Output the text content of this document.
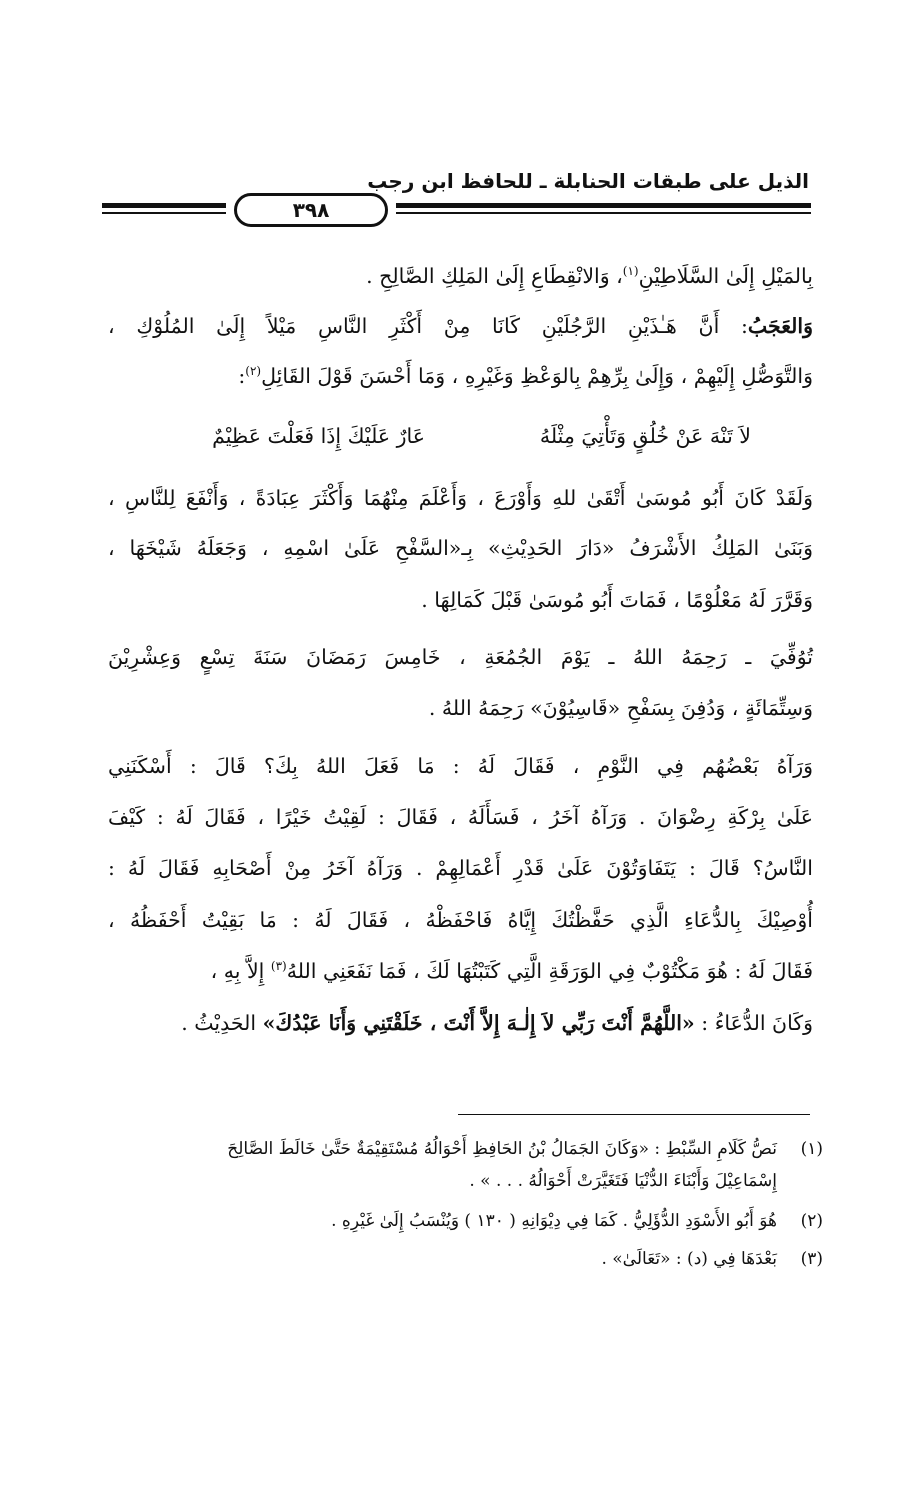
الذيل على طبقات الحنابلة ـ للحافظ ابن رجب
٣٩٨
بِالمَيْلِ إِلَىٰ السَّلَاطِيْنِ$^{(١)}$، وَالانْقِطَاعِ إِلَىٰ المَلِكِ الصَّالِحِ .
وَالعَجَبُ: أَنَّ هَـٰذَيْنِ الرَّجُلَيْنِ كَانَا مِنْ أَكْثَرِ النَّاسِ مَيْلاً إِلَىٰ المُلُوْكِ ،
وَالتَّوَصُّلِ إِلَيْهِمْ ، وَإِلَىٰ بِرِّهِمْ بِالوَعْظِ وَغَيْرِهِ ، وَمَا أَحْسَنَ قَوْلَ القَائِلِ$^{(٢)}$:
لاَ تَنْهَ عَنْ خُلُقٍ وَتَأْتِيَ مِثْلَهُ
عَارٌ عَلَيْكَ إِذَا فَعَلْتَ عَظِيْمٌ
وَلَقَدْ كَانَ أَبُو مُوسَىٰ أَتْقَىٰ للهِ وَأَوْرَعَ ، وَأَعْلَمَ مِنْهُمَا وَأَكْثَرَ عِبَادَةً ، وَأَنْفَعَ لِلنَّاسِ ،
وَبَنَىٰ المَلِكُ الأَشْرَفُ «دَارَ الحَدِيْثِ» بِـ«السَّفْحِ عَلَىٰ اسْمِهِ ، وَجَعَلَهُ شَيْخَهَا ،
وَقَرَّرَ لَهُ مَعْلُوْمًا ، فَمَاتَ أَبُو مُوسَىٰ قَبْلَ كَمَالِهَا .
تُوُفِّيَ ـ رَحِمَهُ اللهُ ـ يَوْمَ الجُمُعَةِ ، خَامِسَ رَمَضَانَ سَنَةَ تِسْعٍ وَعِشْرِيْنَ
وَسِتِّمَائَةٍ ، وَدُفِنَ بِسَفْحِ «قَاسِيُوْنَ» رَحِمَهُ اللهُ .
وَرَآهُ بَعْضُهُم فِي النَّوْمِ ، فَقَالَ لَهُ : مَا فَعَلَ اللهُ بِكَ؟ قَالَ : أَسْكَنَنِي
عَلَىٰ بِرْكَةِ رِضْوَانَ . وَرَآهُ آخَرُ ، فَسَأَلَهُ ، فَقَالَ : لَقِيْتُ خَيْرًا ، فَقَالَ لَهُ : كَيْفَ
النَّاسُ؟ قَالَ : يَتَفَاوَتُوْنَ عَلَىٰ قَدْرِ أَعْمَالِهِمْ . وَرَآهُ آخَرُ مِنْ أَصْحَابِهِ فَقَالَ لَهُ :
أُوْصِيْكَ بِالدُّعَاءِ الَّذِي حَفَّظْتُكَ إِيَّاهُ فَاحْفَظْهُ ، فَقَالَ لَهُ : مَا بَقِيْتُ أَحْفَظُهُ ،
فَقَالَ لَهُ : هُوَ مَكْتُوْبٌ فِي الوَرَقَةِ الَّتِي كَتَبْتُهَا لَكَ ، فَمَا نَفَعَنِي اللهُ$^{(٣)}$ إِلاَّ بِهِ ،
وَكَانَ الدُّعَاءُ : «اللَّهُمَّ أَنْتَ رَبِّي لاَ إِلٰـهَ إِلاَّ أَنْتَ ، خَلَقْتَنِي وَأَنَا عَبْدُكَ» الحَدِيْثُ .
(١)نَصُّ كَلَامِ السِّبْطِ : «وَكَانَ الجَمَالُ بْنُ الحَافِظِ أَحْوَالُهُ مُسْتَقِيْمَةٌ حَتَّىٰ خَالَطَ الصَّالِحَ
إِسْمَاعِيْلَ وَأَبْنَاءَ الدُّنْيَا فَتَغَيَّرَتْ أَحْوَالُهُ . . . » .
(٢)هُوَ أَبُو الأَسْوَدِ الدُّؤَلِيُّ . كَمَا فِي دِيْوَانِهِ ( ١٣٠ ) وَيُنْسَبُ إِلَىٰ غَيْرِهِ .
(٣)بَعْدَهَا فِي (د) : «تَعَالَىٰ» .
